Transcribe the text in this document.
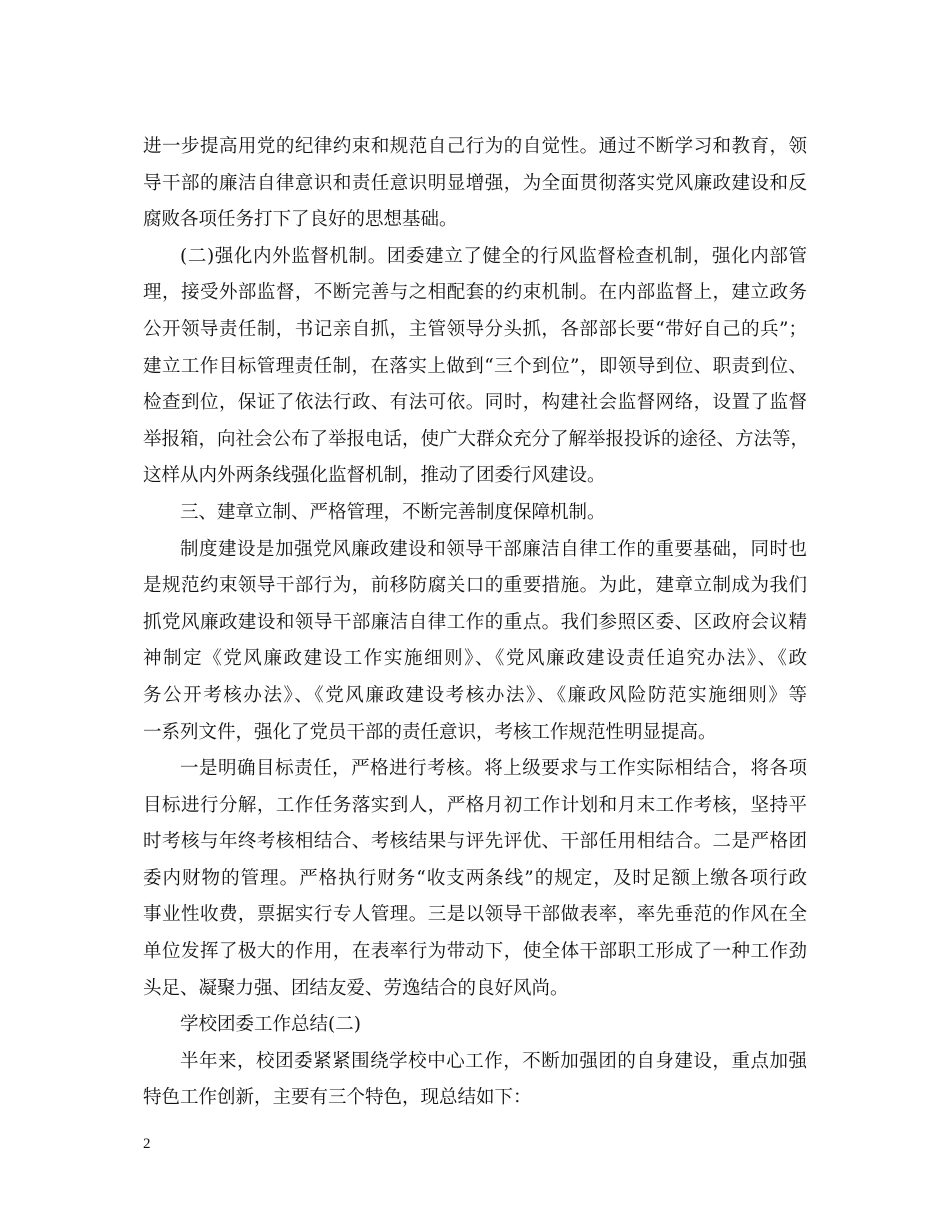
进一步提高用党的纪律约束和规范自己行为的自觉性。通过不断学习和教育，领
导干部的廉洁自律意识和责任意识明显增强，为全面贯彻落实党风廉政建设和反
腐败各项任务打下了良好的思想基础。
(二)强化内外监督机制。团委建立了健全的行风监督检查机制，强化内部管
理，接受外部监督，不断完善与之相配套的约束机制。在内部监督上，建立政务
公开领导责任制，书记亲自抓，主管领导分头抓，各部部长要“带好自己的兵”；
建立工作目标管理责任制，在落实上做到“三个到位”，即领导到位、职责到位、
检查到位，保证了依法行政、有法可依。同时，构建社会监督网络，设置了监督
举报箱，向社会公布了举报电话，使广大群众充分了解举报投诉的途径、方法等，
这样从内外两条线强化监督机制，推动了团委行风建设。
三、建章立制、严格管理，不断完善制度保障机制。
制度建设是加强党风廉政建设和领导干部廉洁自律工作的重要基础，同时也
是规范约束领导干部行为，前移防腐关口的重要措施。为此，建章立制成为我们
抓党风廉政建设和领导干部廉洁自律工作的重点。我们参照区委、区政府会议精
神制定《党风廉政建设工作实施细则》、《党风廉政建设责任追究办法》、《政
务公开考核办法》、《党风廉政建设考核办法》、《廉政风险防范实施细则》等
一系列文件，强化了党员干部的责任意识，考核工作规范性明显提高。
一是明确目标责任，严格进行考核。将上级要求与工作实际相结合，将各项
目标进行分解，工作任务落实到人，严格月初工作计划和月末工作考核，坚持平
时考核与年终考核相结合、考核结果与评先评优、干部任用相结合。二是严格团
委内财物的管理。严格执行财务“收支两条线”的规定，及时足额上缴各项行政
事业性收费，票据实行专人管理。三是以领导干部做表率，率先垂范的作风在全
单位发挥了极大的作用，在表率行为带动下，使全体干部职工形成了一种工作劲
头足、凝聚力强、团结友爱、劳逸结合的良好风尚。
学校团委工作总结(二)
半年来，校团委紧紧围绕学校中心工作，不断加强团的自身建设，重点加强
特色工作创新，主要有三个特色，现总结如下：
2
